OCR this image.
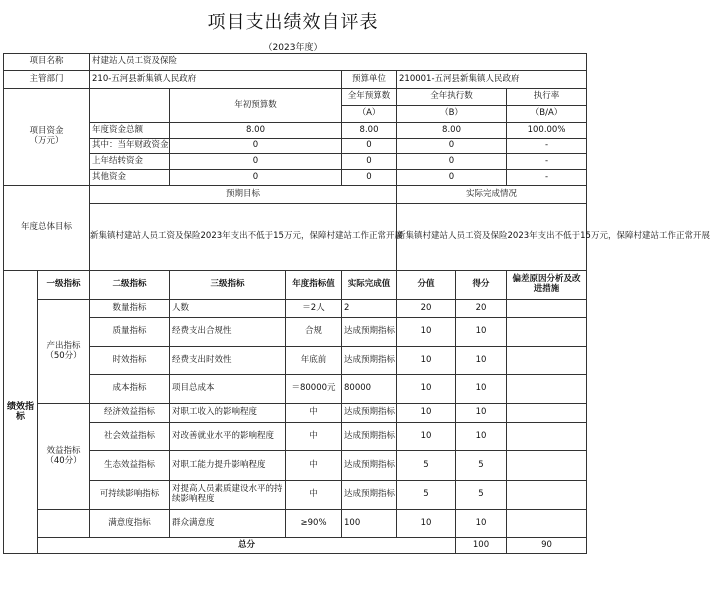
项目支出绩效自评表
（2023年度）
项目名称		村建站人员工资及保险							
主管部门		210-五河县新集镇人民政府			预算单位	210001-五河县新集镇人民政府			
项目资金
（万元）			年初预算数		全年预算数	全年执行数		执行率	
					（A）	（B）		（B/A）	
		年度资金总额	8.00		8.00	8.00		100.00%	
		其中：当年财政资金	0		0	0		-	
		上年结转资金	0		0	0		-	
		其他资金	0		0	0		-	
年度总体目标		预期目标				实际完成情况			
		新集镇村建站人员工资及保险2023年支出不低于15万元，保障村建站工作正常开展				新集镇村建站人员工资及保险2023年支出不低于15万元，保障村建站工作正常开展			
绩效指标	一级指标	二级指标	三级指标	年度指标值	实际完成值	分值	得分	偏差原因分析及改进措施	
	产出指标（50分）	数量指标	人数	＝2人	2	20	20		
		质量指标	经费支出合规性	合规	达成预期指标	10	10		
		时效指标	经费支出时效性	年底前	达成预期指标	10	10		
		成本指标	项目总成本	＝80000元	80000	10	10		
	效益指标（40分）	经济效益指标	对职工收入的影响程度	中	达成预期指标	10	10		
		社会效益指标	对改善就业水平的影响程度	中	达成预期指标	10	10		
		生态效益指标	对职工能力提升影响程度	中	达成预期指标	5	5		
		可持续影响指标	对提高人员素质建设水平的持续影响程度	中	达成预期指标	5	5		
		满意度指标	群众满意度	≥90%	100	10	10		
	总分						100	90	
